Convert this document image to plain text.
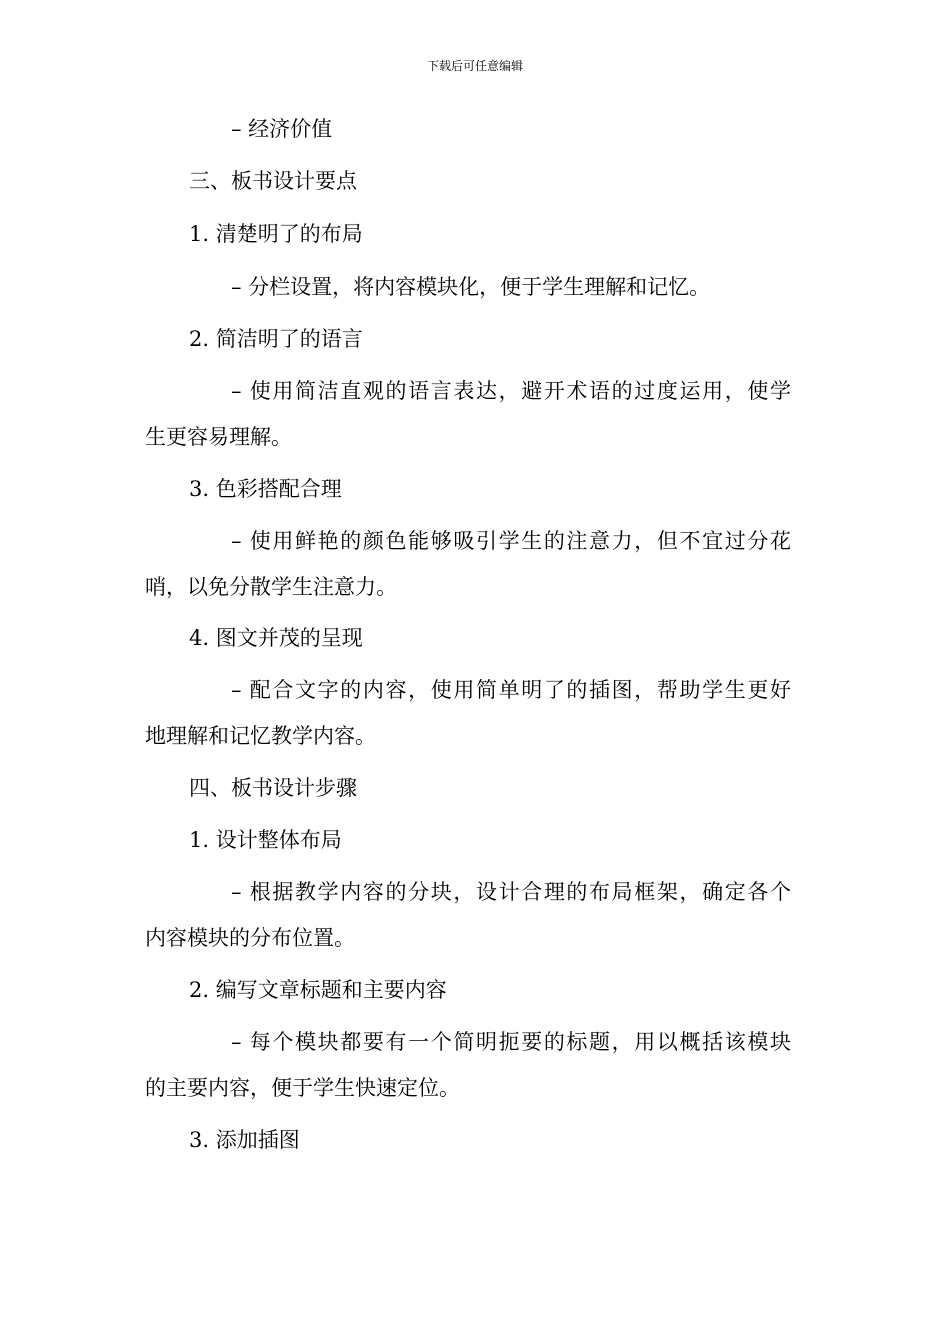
下载后可任意编辑
– 经济价值
三、板书设计要点
1. 清楚明了的布局
– 分栏设置，将内容模块化，便于学生理解和记忆。
2. 简洁明了的语言
– 使用简洁直观的语言表达，避开术语的过度运用，使学
生更容易理解。
3. 色彩搭配合理
– 使用鲜艳的颜色能够吸引学生的注意力，但不宜过分花
哨，以免分散学生注意力。
4. 图文并茂的呈现
– 配合文字的内容，使用简单明了的插图，帮助学生更好
地理解和记忆教学内容。
四、板书设计步骤
1. 设计整体布局
– 根据教学内容的分块，设计合理的布局框架，确定各个
内容模块的分布位置。
2. 编写文章标题和主要内容
– 每个模块都要有一个简明扼要的标题，用以概括该模块
的主要内容，便于学生快速定位。
3. 添加插图
